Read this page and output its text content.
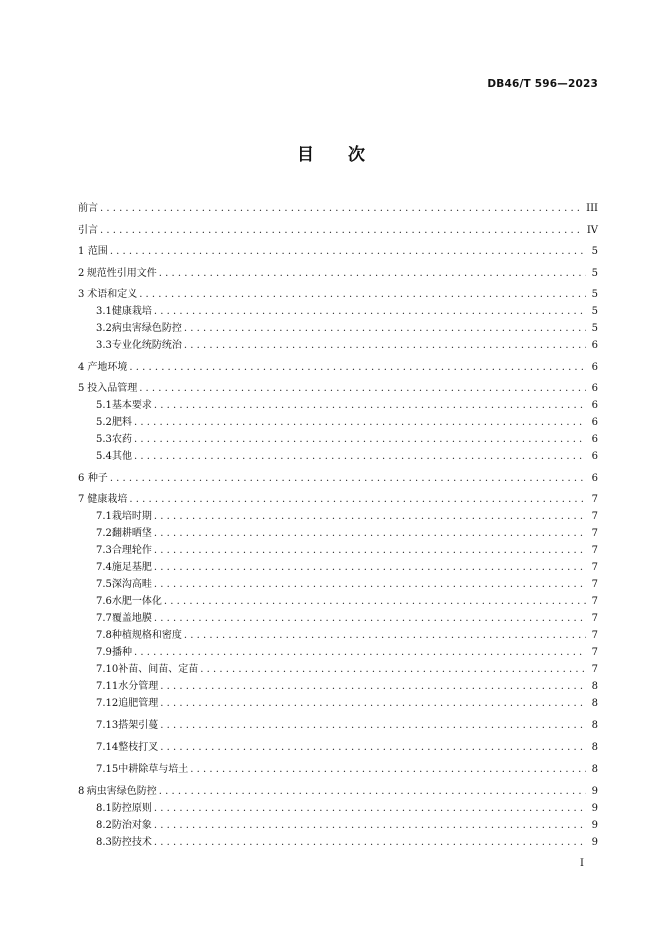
DB46/T 596—2023
目　　次
前言 . . .	III
引言 . . .	IV
1 范围 . . .	5
2 规范性引用文件 . . .	5
3 术语和定义 . . .	5
3.1 健康栽培 . . .	5
3.2 病虫害绿色防控 . . .	5
3.3 专业化统防统治 . . .	6
4 产地环境 . . .	6
5 投入品管理 . . .	6
5.1 基本要求 . . .	6
5.2 肥料 . . .	6
5.3 农药 . . .	6
5.4 其他 . . .	6
6 种子 . . .	6
7 健康栽培 . . .	7
7.1 栽培时期 . . .	7
7.2 翻耕晒垡 . . .	7
7.3 合理轮作 . . .	7
7.4 施足基肥 . . .	7
7.5 深沟高畦 . . .	7
7.6 水肥一体化 . . .	7
7.7 覆盖地膜 . . .	7
7.8 种植规格和密度 . . .	7
7.9 播种 . . .	7
7.10 补苗、间苗、定苗 . . .	7
7.11 水分管理 . . .	8
7.12 追肥管理 . . .	8
7.13 搭架引蔓 . . .	8
7.14 整枝打叉 . . .	8
7.15 中耕除草与培土 . . .	8
8 病虫害绿色防控 . . .	9
8.1 防控原则 . . .	9
8.2 防治对象 . . .	9
8.3 防控技术 . . .	9
I
